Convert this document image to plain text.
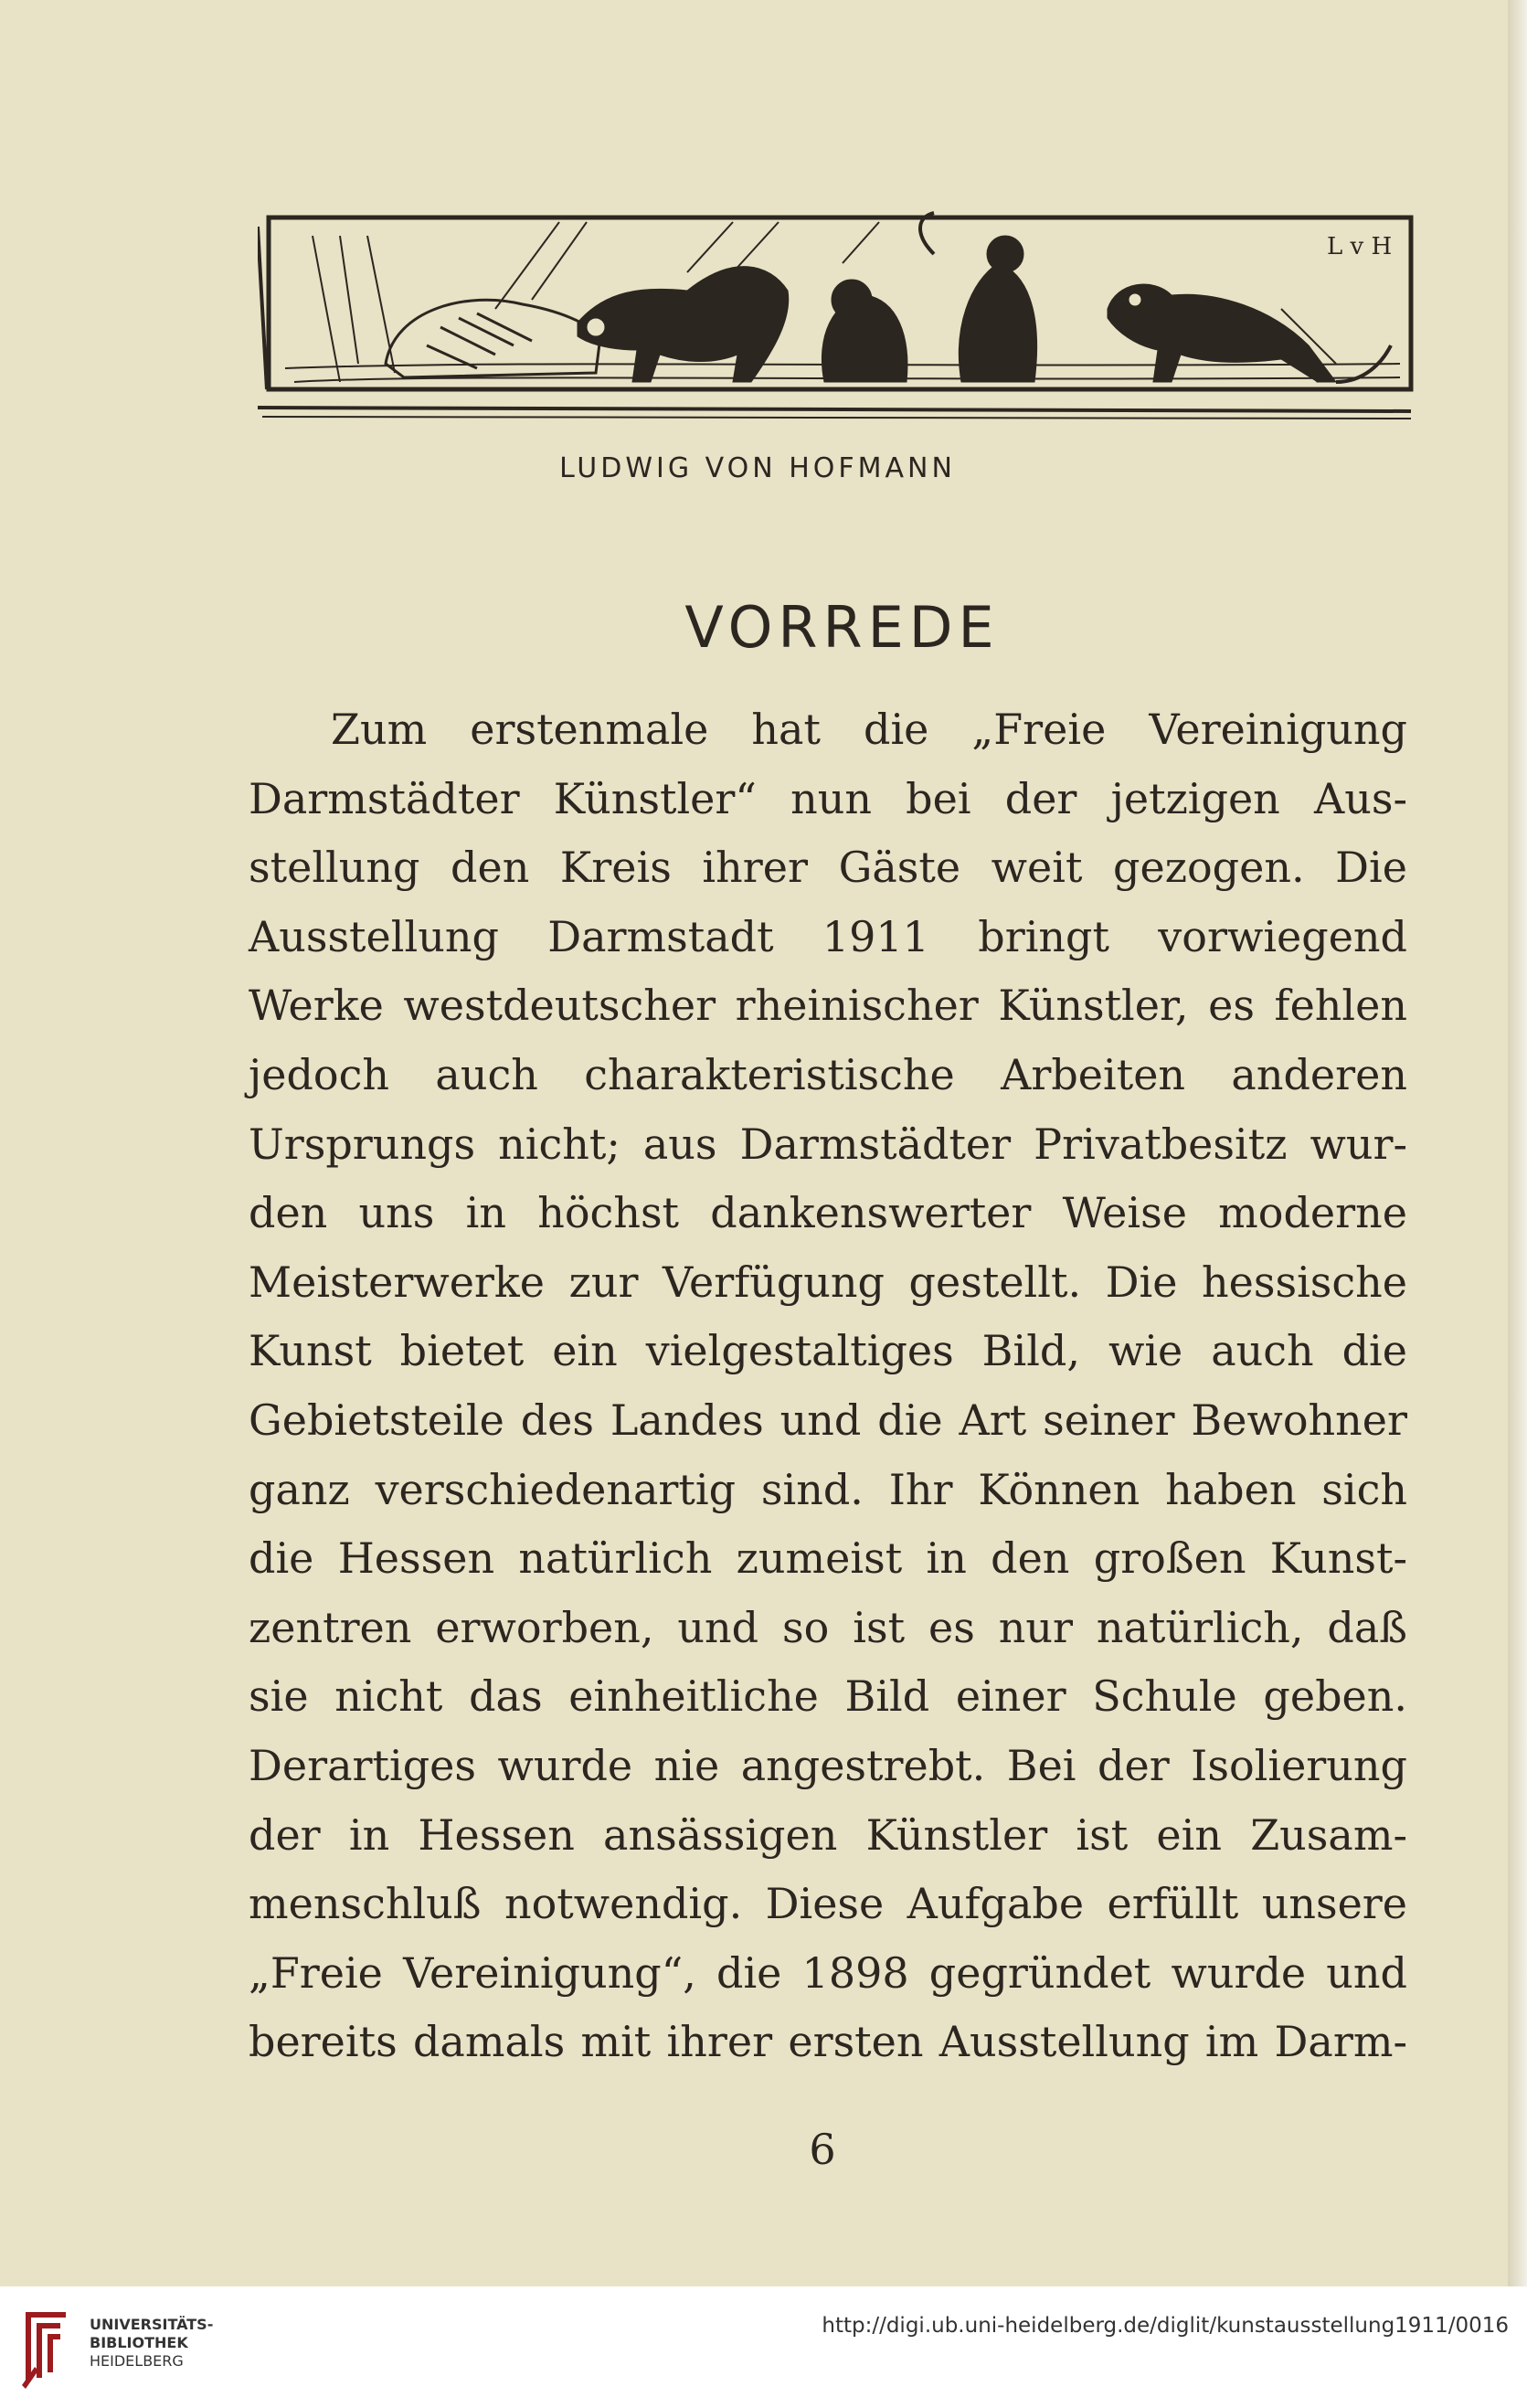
L v H
LUDWIG VON HOFMANN
VORREDE
Zum erstenmale hat die „Freie Vereinigung
Darmstädter Künstler“ nun bei der jetzigen Aus-
stellung den Kreis ihrer Gäste weit gezogen. Die
Ausstellung Darmstadt 1911 bringt vorwiegend
Werke westdeutscher rheinischer Künstler, es fehlen
jedoch auch charakteristische Arbeiten anderen
Ursprungs nicht; aus Darmstädter Privatbesitz wur-
den uns in höchst dankenswerter Weise moderne
Meisterwerke zur Verfügung gestellt. Die hessische
Kunst bietet ein vielgestaltiges Bild, wie auch die
Gebietsteile des Landes und die Art seiner Bewohner
ganz verschiedenartig sind. Ihr Können haben sich
die Hessen natürlich zumeist in den großen Kunst-
zentren erworben, und so ist es nur natürlich, daß
sie nicht das einheitliche Bild einer Schule geben.
Derartiges wurde nie angestrebt. Bei der Isolierung
der in Hessen ansässigen Künstler ist ein Zusam-
menschluß notwendig. Diese Aufgabe erfüllt unsere
„Freie Vereinigung“, die 1898 gegründet wurde und
bereits damals mit ihrer ersten Ausstellung im Darm-
6
UNIVERSITÄTS-
BIBLIOTHEK
HEIDELBERG
http://digi.ub.uni-heidelberg.de/diglit/kunstausstellung1911/0016
